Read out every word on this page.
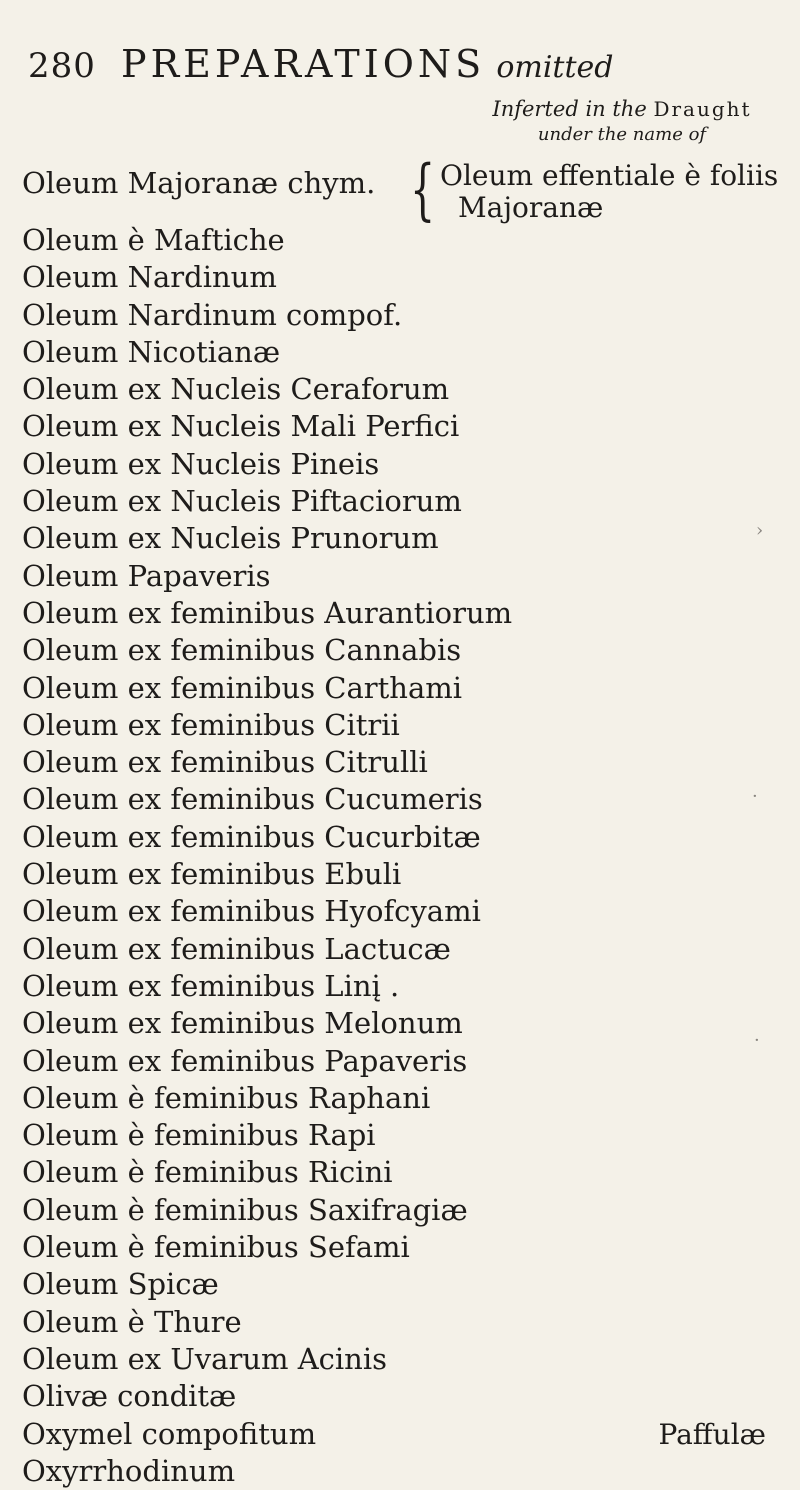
280 PREPARATIONS omitted
Inferted in the Draught
under the name of
Oleum Majoranæ chym. { Oleum effentiale è foliis
Majoranæ
Oleum è Maftiche
Oleum Nardinum
Oleum Nardinum compof.
Oleum Nicotianæ
Oleum ex Nucleis Ceraforum
Oleum ex Nucleis Mali Perfici
Oleum ex Nucleis Pineis
Oleum ex Nucleis Piftaciorum
Oleum ex Nucleis Prunorum
Oleum Papaveris
Oleum ex feminibus Aurantiorum
Oleum ex feminibus Cannabis
Oleum ex feminibus Carthami
Oleum ex feminibus Citrii
Oleum ex feminibus Citrulli
Oleum ex feminibus Cucumeris
Oleum ex feminibus Cucurbitæ
Oleum ex feminibus Ebuli
Oleum ex feminibus Hyofcyami
Oleum ex feminibus Lactucæ
Oleum ex feminibus Linį .
Oleum ex feminibus Melonum
Oleum ex feminibus Papaveris
Oleum è feminibus Raphani
Oleum è feminibus Rapi
Oleum è feminibus Ricini
Oleum è feminibus Saxifragiæ
Oleum è feminibus Sefami
Oleum Spicæ
Oleum è Thure
Oleum ex Uvarum Acinis
Olivæ conditæ
Oxymel compofitum
Oxyrrhodinum
Paffulæ
›
·
·
